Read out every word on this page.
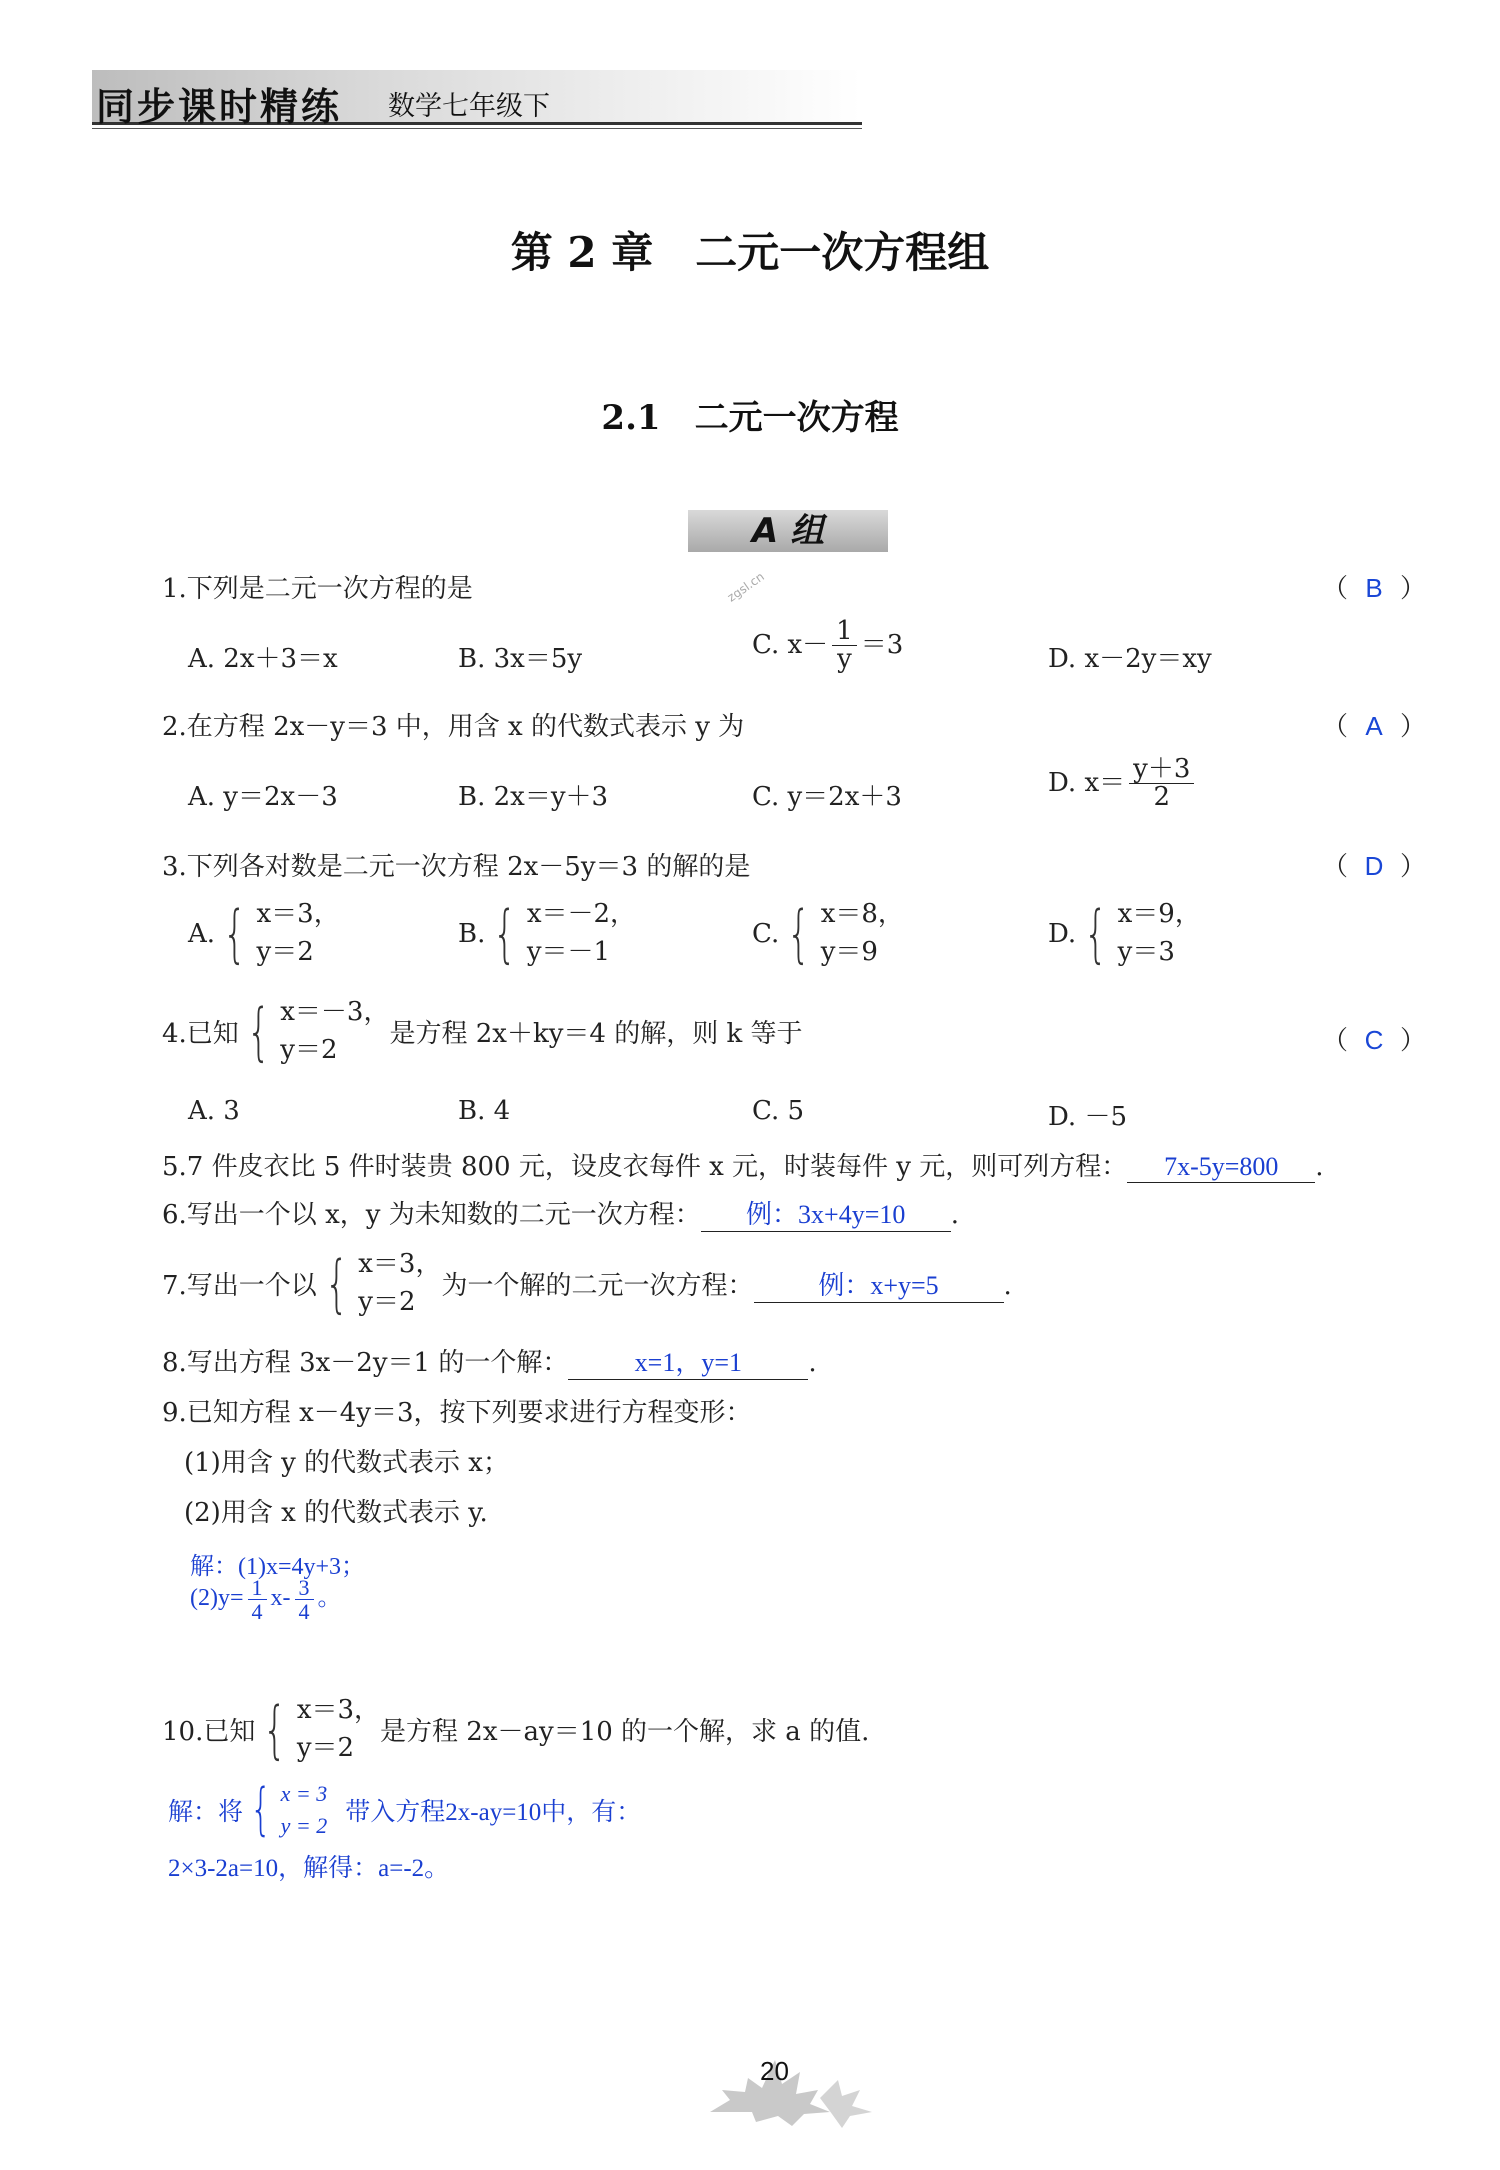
同步课时精练 数学七年级下
第 2 章　二元一次方程组
2.1　二元一次方程
A 组
zgsl.cn
1.下列是二元一次方程的是	（ B ）
A. 2x＋3＝x	B. 3x＝5y	C. $x- \frac{1}{y} =3$	D. x－2y＝xy
2.在方程 2x－y＝3 中，用含 x 的代数式表示 y 为	（ A ）
A. y＝2x－3	B. 2x＝y＋3	C. y＝2x＋3	D. $x= \frac{y+3}{2}$
3.下列各对数是二元一次方程 2x－5y＝3 的解的是	（ D ）
A. { x＝3，
y＝2
B. { x＝－2，
y＝－1
C. { x＝8，
y＝9
D. { x＝9，
y＝3
4.已知 { x＝－3，
y＝2
是方程 2x＋ky＝4 的解，则 k 等于	（ C ）
A. 3	B. 4	C. 5	D. －5
5.7 件皮衣比 5 件时装贵 800 元，设皮衣每件 x 元，时装每件 y 元，则可列方程： 7x-5y=800 .
6.写出一个以 x，y 为未知数的二元一次方程： 例：3x+4y=10 .
7.写出一个以 { x＝3，
y＝2
为一个解的二元一次方程： 例：x+y=5 .
8.写出方程 3x－2y＝1 的一个解：	x=1，y=1	.
9.已知方程 x－4y＝3，按下列要求进行方程变形：
(1)用含 y 的代数式表示 x；
(2)用含 x 的代数式表示 y.
解：(1)x=4y+3；
$(2)y= \frac{1}{4} x- \frac{3}{4}$ 。
10.已知 { x＝3，
y＝2
是方程 2x－ay＝10 的一个解，求 a 的值.
解：将 { x = 3
y = 2 带入方程2x-ay=10中，有：
2×3-2a=10，解得：a=-2。
20
